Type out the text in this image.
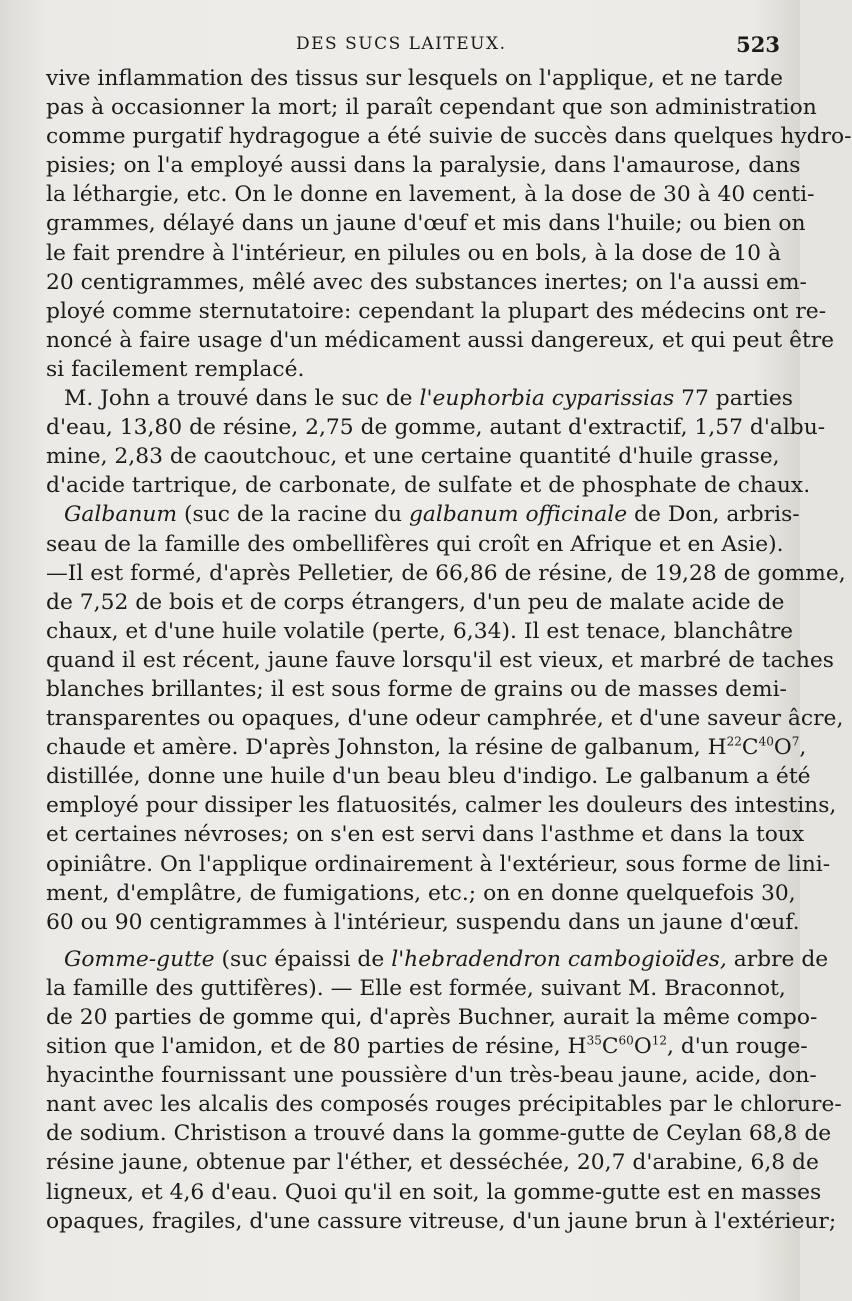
DES SUCS LAITEUX.	523
vive inflammation des tissus sur lesquels on l'applique, et ne tarde
pas à occasionner la mort; il paraît cependant que son administration
comme purgatif hydragogue a été suivie de succès dans quelques hydro-
pisies; on l'a employé aussi dans la paralysie, dans l'amaurose, dans
la léthargie, etc. On le donne en lavement, à la dose de 30 à 40 centi-
grammes, délayé dans un jaune d'œuf et mis dans l'huile; ou bien on
le fait prendre à l'intérieur, en pilules ou en bols, à la dose de 10 à
20 centigrammes, mêlé avec des substances inertes; on l'a aussi em-
ployé comme sternutatoire: cependant la plupart des médecins ont re-
noncé à faire usage d'un médicament aussi dangereux, et qui peut être
si facilement remplacé.
M. John a trouvé dans le suc de l'euphorbia cyparissias 77 parties
d'eau, 13,80 de résine, 2,75 de gomme, autant d'extractif, 1,57 d'albu-
mine, 2,83 de caoutchouc, et une certaine quantité d'huile grasse,
d'acide tartrique, de carbonate, de sulfate et de phosphate de chaux.
Galbanum (suc de la racine du galbanum officinale de Don, arbris-
seau de la famille des ombellifères qui croît en Afrique et en Asie).
—Il est formé, d'après Pelletier, de 66,86 de résine, de 19,28 de gomme,
de 7,52 de bois et de corps étrangers, d'un peu de malate acide de
chaux, et d'une huile volatile (perte, 6,34). Il est tenace, blanchâtre
quand il est récent, jaune fauve lorsqu'il est vieux, et marbré de taches
blanches brillantes; il est sous forme de grains ou de masses demi-
transparentes ou opaques, d'une odeur camphrée, et d'une saveur âcre,
chaude et amère. D'après Johnston, la résine de galbanum, $H^{22}C^{40}O^7$,
distillée, donne une huile d'un beau bleu d'indigo. Le galbanum a été
employé pour dissiper les flatuosités, calmer les douleurs des intestins,
et certaines névroses; on s'en est servi dans l'asthme et dans la toux
opiniâtre. On l'applique ordinairement à l'extérieur, sous forme de lini-
ment, d'emplâtre, de fumigations, etc.; on en donne quelquefois 30,
60 ou 90 centigrammes à l'intérieur, suspendu dans un jaune d'œuf.
Gomme-gutte (suc épaissi de l'hebradendron cambogioïdes, arbre de
la famille des guttifères). — Elle est formée, suivant M. Braconnot,
de 20 parties de gomme qui, d'après Buchner, aurait la même compo-
sition que l'amidon, et de 80 parties de résine, $H^{35}C^{60}O^{12}$, d'un rouge-
hyacinthe fournissant une poussière d'un très-beau jaune, acide, don-
nant avec les alcalis des composés rouges précipitables par le chlorure-
de sodium. Christison a trouvé dans la gomme-gutte de Ceylan 68,8 de
résine jaune, obtenue par l'éther, et desséchée, 20,7 d'arabine, 6,8 de
ligneux, et 4,6 d'eau. Quoi qu'il en soit, la gomme-gutte est en masses
opaques, fragiles, d'une cassure vitreuse, d'un jaune brun à l'extérieur;
